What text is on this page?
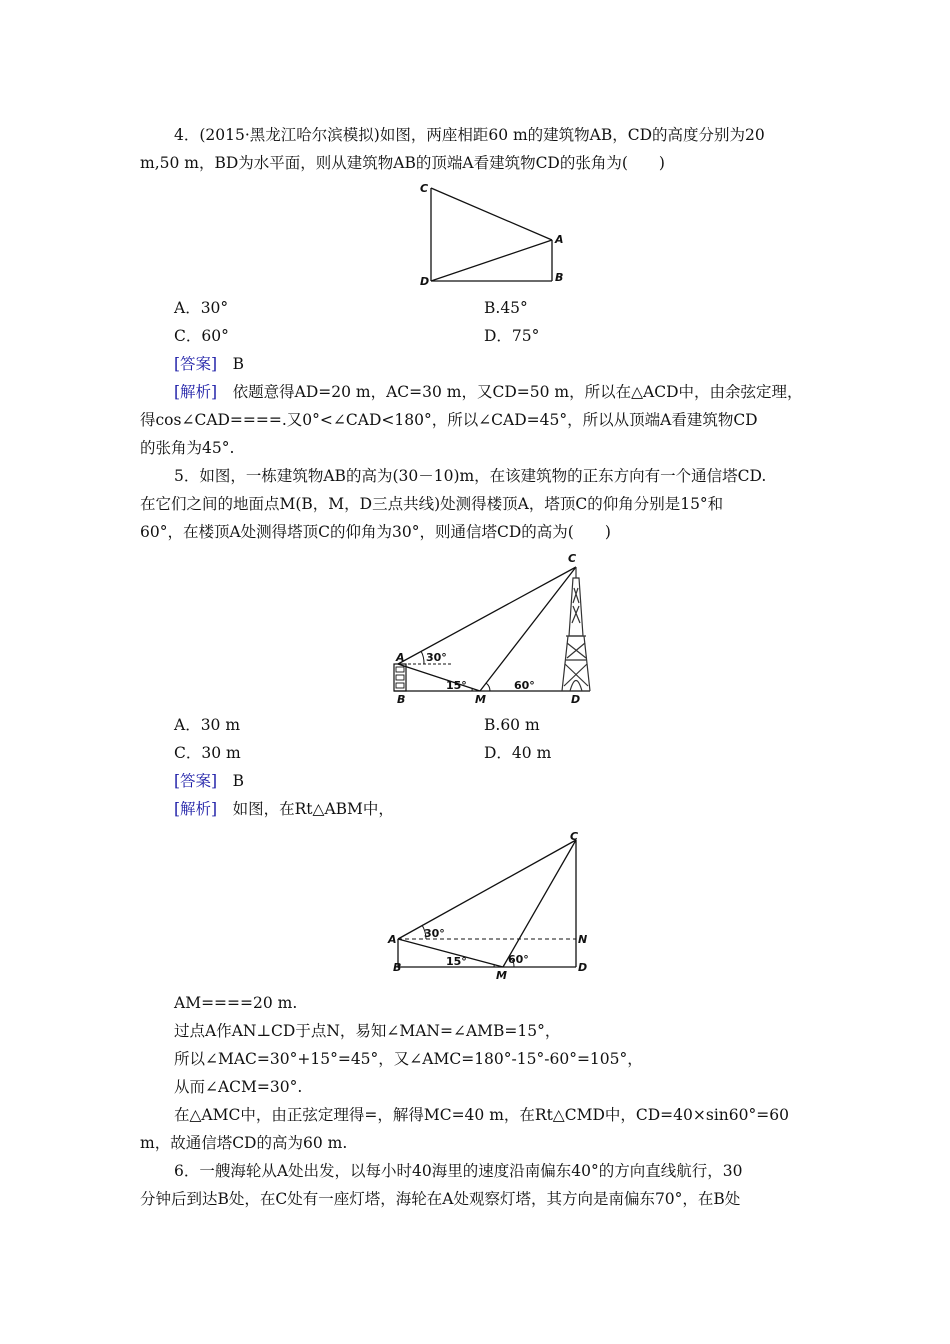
4．(2015·黑龙江哈尔滨模拟)如图，两座相距60 m的建筑物AB，CD的高度分别为20
m,50 m，BD为水平面，则从建筑物AB的顶端A看建筑物CD的张角为(　　)
C
A
D	B
A．30°	B.45°
C．60°	D．75°
[答案]　 B
[解析]　 依题意得AD=20 m，AC=30 m，又CD=50 m，所以在△ACD中，由余弦定理，
得cos∠CAD====.又0°<∠CAD<180°，所以∠CAD=45°，所以从顶端A看建筑物CD
的张角为45°.
5．如图，一栋建筑物AB的高为(30－10)m，在该建筑物的正东方向有一个通信塔CD.
在它们之间的地面点M(B，M，D三点共线)处测得楼顶A，塔顶C的仰角分别是15°和
60°，在楼顶A处测得塔顶C的仰角为30°，则通信塔CD的高为(　　)
C
A
B	M	D
30°
15°	60°
A．30 m	B.60 m
C．30 m	D．40 m
[答案]　 B
[解析]　 如图，在Rt△ABM中，
C
A
B
M
D
N
30°
15°	60°
AM====20 m.
过点A作AN⊥CD于点N，易知∠MAN=∠AMB=15°，
所以∠MAC=30°+15°=45°，又∠AMC=180°-15°-60°=105°，
从而∠ACM=30°.
在△AMC中，由正弦定理得=，解得MC=40 m，在Rt△CMD中，CD=40×sin60°=60
m，故通信塔CD的高为60 m.
6．一艘海轮从A处出发，以每小时40海里的速度沿南偏东40°的方向直线航行，30
分钟后到达B处，在C处有一座灯塔，海轮在A处观察灯塔，其方向是南偏东70°，在B处
